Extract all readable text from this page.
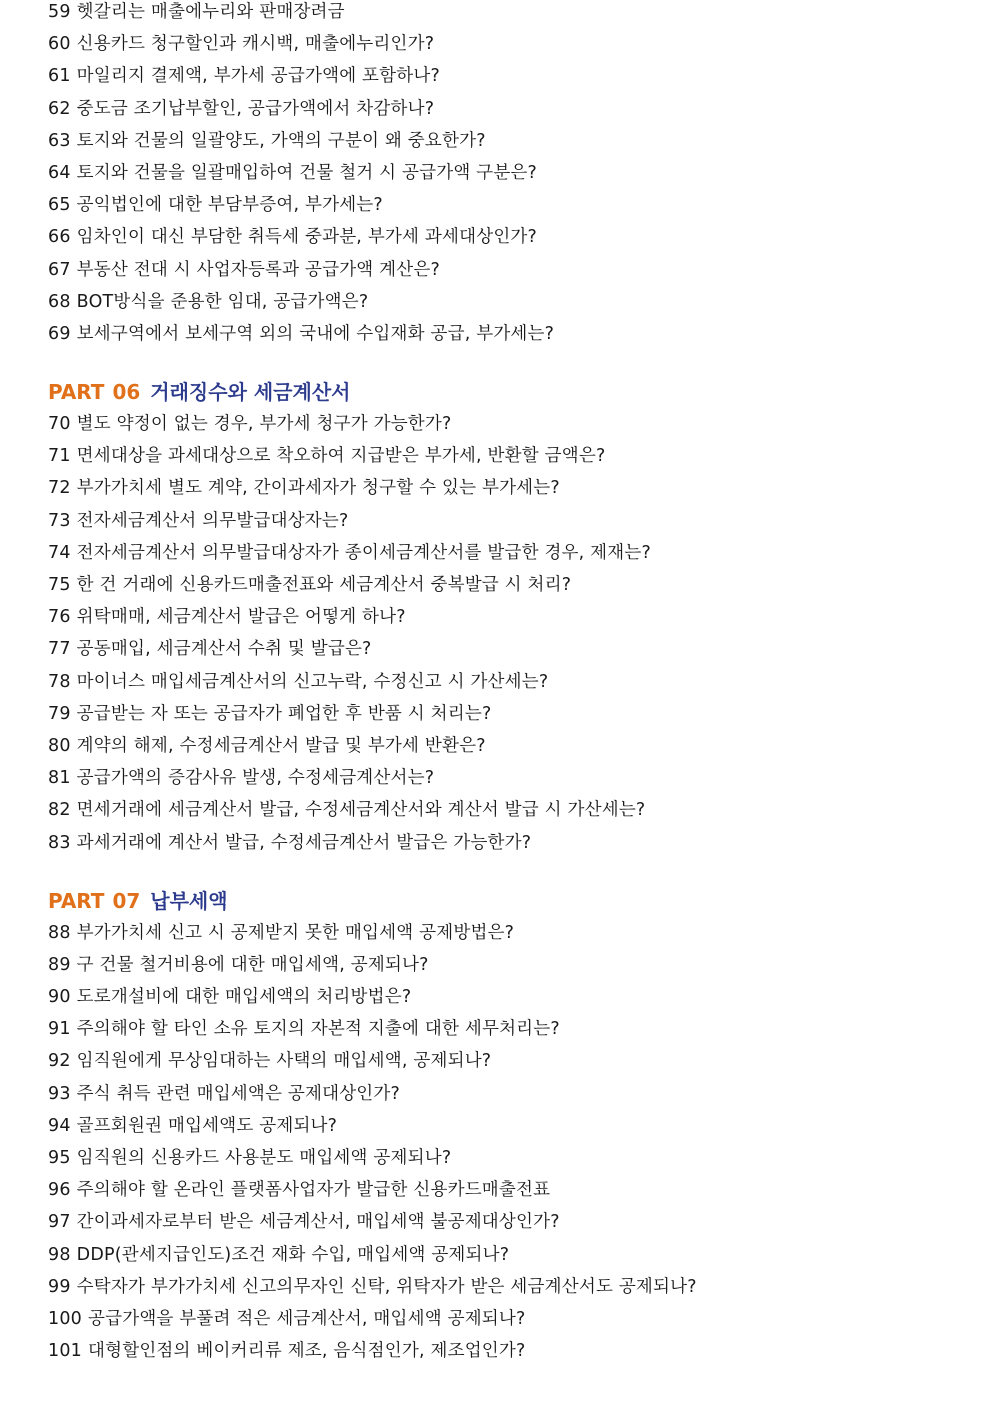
59 헷갈리는 매출에누리와 판매장려금
60 신용카드 청구할인과 캐시백, 매출에누리인가?
61 마일리지 결제액, 부가세 공급가액에 포함하나?
62 중도금 조기납부할인, 공급가액에서 차감하나?
63 토지와 건물의 일괄양도, 가액의 구분이 왜 중요한가?
64 토지와 건물을 일괄매입하여 건물 철거 시 공급가액 구분은?
65 공익법인에 대한 부담부증여, 부가세는?
66 임차인이 대신 부담한 취득세 중과분, 부가세 과세대상인가?
67 부동산 전대 시 사업자등록과 공급가액 계산은?
68 BOT방식을 준용한 임대, 공급가액은?
69 보세구역에서 보세구역 외의 국내에 수입재화 공급, 부가세는?
PART 06 거래징수와 세금계산서
70 별도 약정이 없는 경우, 부가세 청구가 가능한가?
71 면세대상을 과세대상으로 착오하여 지급받은 부가세, 반환할 금액은?
72 부가가치세 별도 계약, 간이과세자가 청구할 수 있는 부가세는?
73 전자세금계산서 의무발급대상자는?
74 전자세금계산서 의무발급대상자가 종이세금계산서를 발급한 경우, 제재는?
75 한 건 거래에 신용카드매출전표와 세금계산서 중복발급 시 처리?
76 위탁매매, 세금계산서 발급은 어떻게 하나?
77 공동매입, 세금계산서 수취 및 발급은?
78 마이너스 매입세금계산서의 신고누락, 수정신고 시 가산세는?
79 공급받는 자 또는 공급자가 폐업한 후 반품 시 처리는?
80 계약의 해제, 수정세금계산서 발급 및 부가세 반환은?
81 공급가액의 증감사유 발생, 수정세금계산서는?
82 면세거래에 세금계산서 발급, 수정세금계산서와 계산서 발급 시 가산세는?
83 과세거래에 계산서 발급, 수정세금계산서 발급은 가능한가?
PART 07 납부세액
88 부가가치세 신고 시 공제받지 못한 매입세액 공제방법은?
89 구 건물 철거비용에 대한 매입세액, 공제되나?
90 도로개설비에 대한 매입세액의 처리방법은?
91 주의해야 할 타인 소유 토지의 자본적 지출에 대한 세무처리는?
92 임직원에게 무상임대하는 사택의 매입세액, 공제되나?
93 주식 취득 관련 매입세액은 공제대상인가?
94 골프회원권 매입세액도 공제되나?
95 임직원의 신용카드 사용분도 매입세액 공제되나?
96 주의해야 할 온라인 플랫폼사업자가 발급한 신용카드매출전표
97 간이과세자로부터 받은 세금계산서, 매입세액 불공제대상인가?
98 DDP(관세지급인도)조건 재화 수입, 매입세액 공제되나?
99 수탁자가 부가가치세 신고의무자인 신탁, 위탁자가 받은 세금계산서도 공제되나?
100 공급가액을 부풀려 적은 세금계산서, 매입세액 공제되나?
101 대형할인점의 베이커리류 제조, 음식점인가, 제조업인가?
